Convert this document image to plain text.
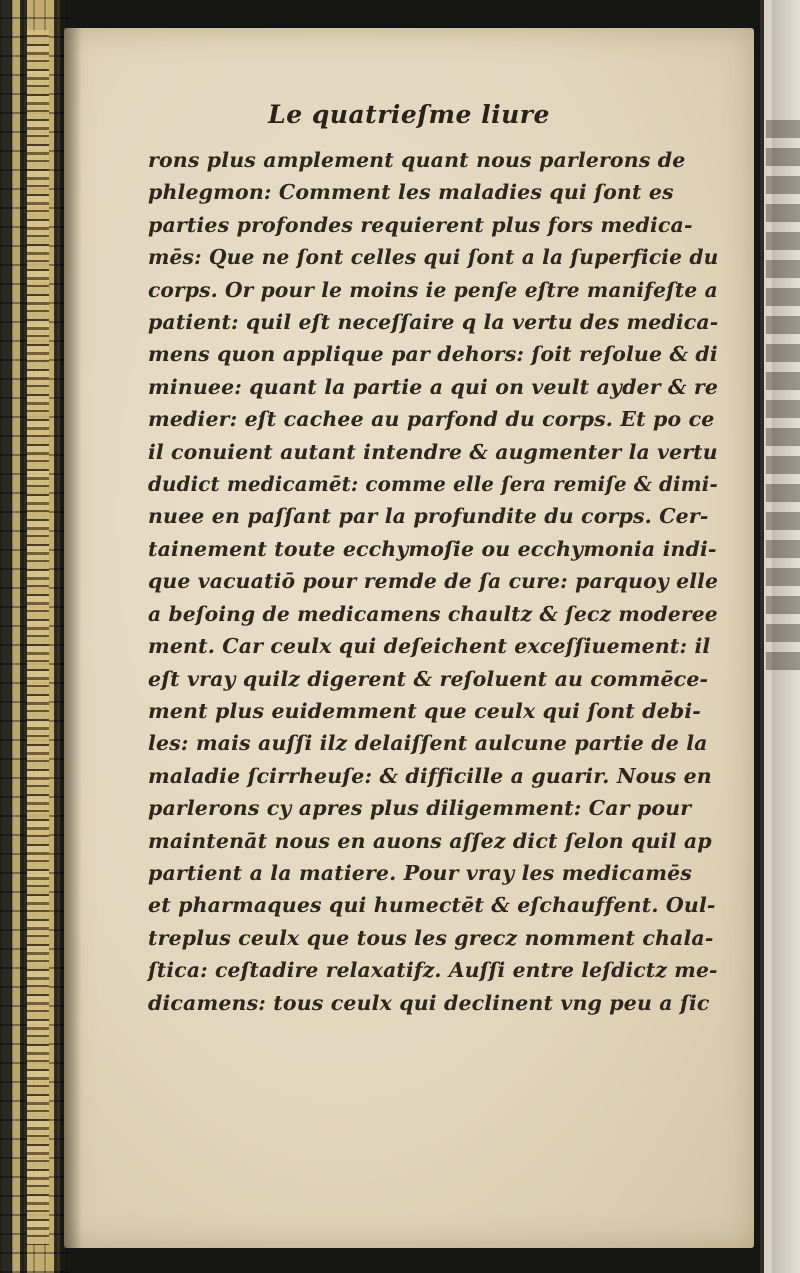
Le quatrieſme liure
rons plus amplement quant nous parlerons de
phlegmon: Comment les maladies qui ſont es
parties profondes requierent plus fors medica-
mēs: Que ne ſont celles qui ſont a la ſuperficie du
corps. Or pour le moins ie penſe eſtre manifeſte a
patient: quil eſt neceſſaire q la vertu des medica-
mens quon applique par dehors: ſoit reſolue & di
minuee: quant la partie a qui on veult ayder & re
medier: eſt cachee au parfond du corps. Et po ce
il conuient autant intendre & augmenter la vertu
dudict medicamēt: comme elle ſera remiſe & dimi-
nuee en paſſant par la profundite du corps. Cer-
tainement toute ecchymoſie ou ecchymonia indi-
que vacuatiō pour remde de ſa cure: parquoy elle
a beſoing de medicamens chaultz & ſecz moderee
ment. Car ceulx qui deſeichent exceſſiuement: il
eſt vray quilz digerent & reſoluent au commēce-
ment plus euidemment que ceulx qui ſont debi-
les: mais auſſi ilz delaiſſent aulcune partie de la
maladie ſcirrheuſe: & difficille a guarir. Nous en
parlerons cy apres plus diligemment: Car pour
maintenāt nous en auons aſſez dict ſelon quil ap
partient a la matiere. Pour vray les medicamēs
et pharmaques qui humectēt & eſchauffent. Oul-
treplus ceulx que tous les grecz nomment chala-
ſtica: ceſtadire relaxatifz. Auſſi entre leſdictz me-
dicamens: tous ceulx qui declinent vng peu a ſic
